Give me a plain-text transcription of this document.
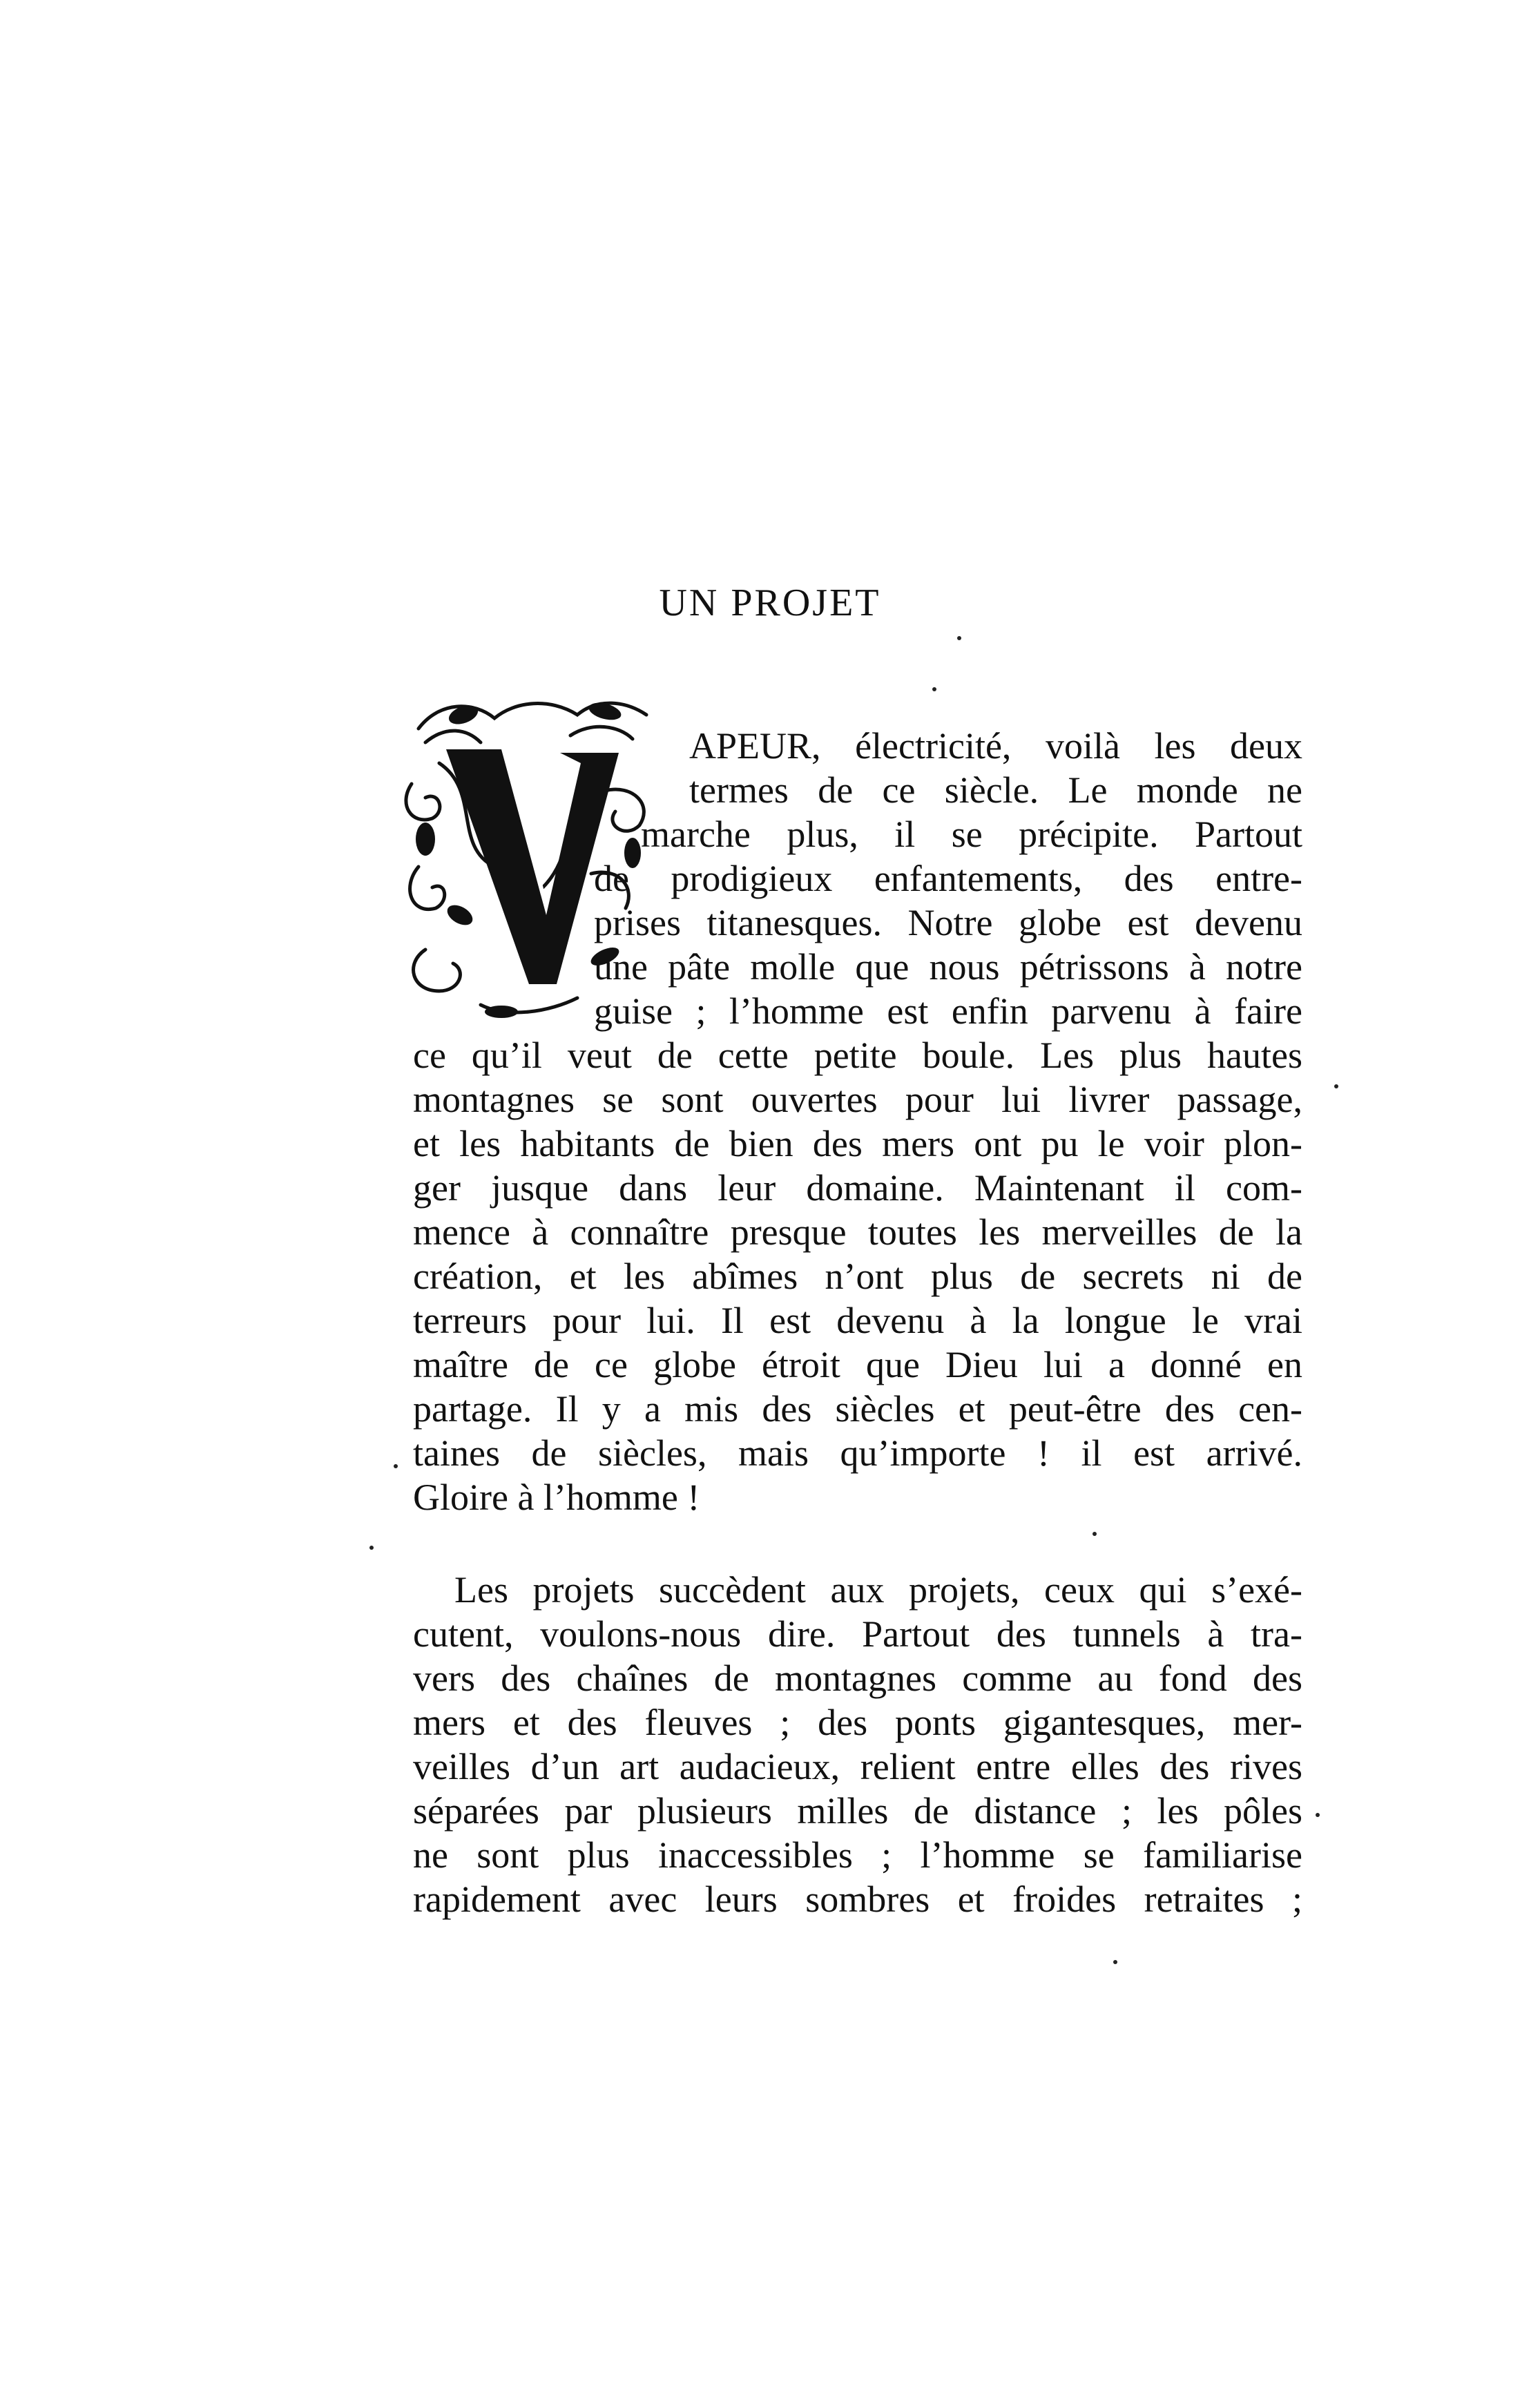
UN PROJET
APEUR, électricité, voilà les deux
termes de ce siècle. Le monde ne
marche plus, il se précipite. Partout
de prodigieux enfantements, des entre-
prises titanesques. Notre globe est devenu
une pâte molle que nous pétrissons à notre
guise ; l’homme est enfin parvenu à faire
ce qu’il veut de cette petite boule. Les plus hautes
montagnes se sont ouvertes pour lui livrer passage,
et les habitants de bien des mers ont pu le voir plon-
ger jusque dans leur domaine. Maintenant il com-
mence à connaître presque toutes les merveilles de la
création, et les abîmes n’ont plus de secrets ni de
terreurs pour lui. Il est devenu à la longue le vrai
maître de ce globe étroit que Dieu lui a donné en
partage. Il y a mis des siècles et peut-être des cen-
taines de siècles, mais qu’importe ! il est arrivé.
Gloire à l’homme !
Les projets succèdent aux projets, ceux qui s’exé-
cutent, voulons-nous dire. Partout des tunnels à tra-
vers des chaînes de montagnes comme au fond des
mers et des fleuves ; des ponts gigantesques, mer-
veilles d’un art audacieux, relient entre elles des rives
séparées par plusieurs milles de distance ; les pôles
ne sont plus inaccessibles ; l’homme se familiarise
rapidement avec leurs sombres et froides retraites ;
